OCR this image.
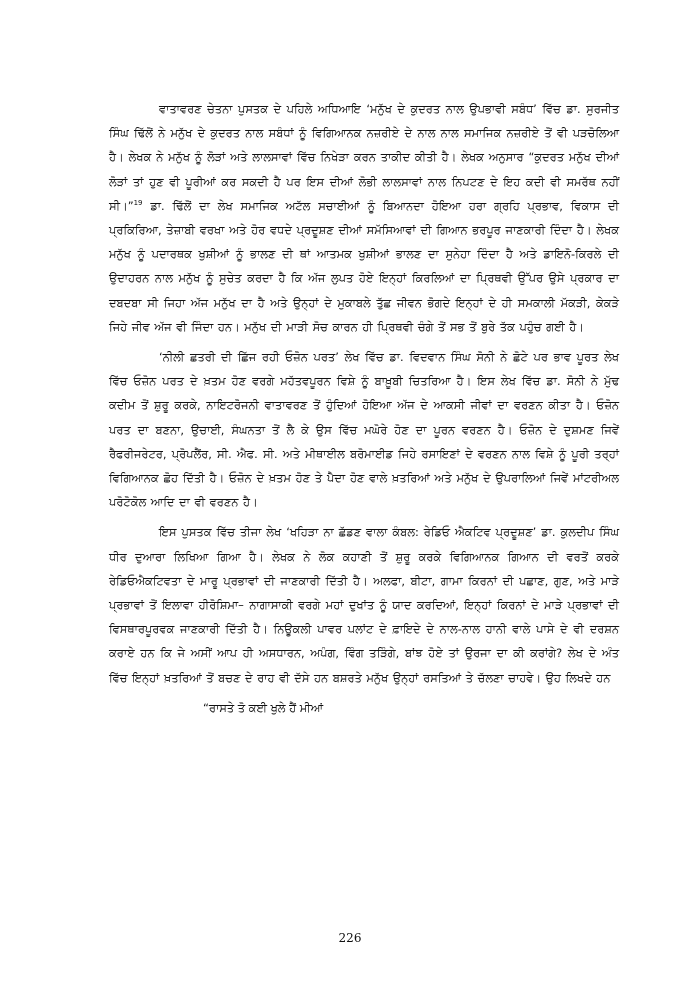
ਵਾਤਾਵਰਣ ਚੇਤਨਾ ਪੁਸਤਕ ਦੇ ਪਹਿਲੇ ਅਧਿਆਇ ‘ਮਨੁੱਖ ਦੇ ਕੁਦਰਤ ਨਾਲ ਉਪਭਾਵੀ ਸਬੰਧ’ ਵਿੱਚ ਡਾ. ਸੁਰਜੀਤ ਸਿੰਘ ਢਿੱਲੋਂ ਨੇ ਮਨੁੱਖ ਦੇ ਕੁਦਰਤ ਨਾਲ ਸਬੰਧਾਂ ਨੂੰ ਵਿਗਿਆਨਕ ਨਜ਼ਰੀਏ ਦੇ ਨਾਲ ਨਾਲ ਸਮਾਜਿਕ ਨਜ਼ਰੀਏ ਤੋਂ ਵੀ ਪੜਚੋਲਿਆ ਹੈ। ਲੇਖਕ ਨੇ ਮਨੁੱਖ ਨੂੰ ਲੋੜਾਂ ਅਤੇ ਲਾਲਸਾਵਾਂ ਵਿੱਚ ਨਿਖੇੜਾ ਕਰਨ ਤਾਕੀਦ ਕੀਤੀ ਹੈ। ਲੇਖਕ ਅਨੁਸਾਰ “ਕੁਦਰਤ ਮਨੁੱਖ ਦੀਆਂ ਲੋੜਾਂ ਤਾਂ ਹੁਣ ਵੀ ਪੂਰੀਆਂ ਕਰ ਸਕਦੀ ਹੈ ਪਰ ਇਸ ਦੀਆਂ ਲੋਭੀ ਲਾਲਸਾਵਾਂ ਨਾਲ ਨਿਪਟਣ ਦੇ ਇਹ ਕਦੀ ਵੀ ਸਮਰੱਥ ਨਹੀਂ ਸੀ।”$^{19}$ ਡਾ. ਢਿੱਲੋਂ ਦਾ ਲੇਖ ਸਮਾਜਿਕ ਅਟੱਲ ਸਚਾਈਆਂ ਨੂੰ ਬਿਆਨਦਾ ਹੋਇਆ ਹਰਾ ਗ੍ਰਹਿ ਪ੍ਰਭਾਵ, ਵਿਕਾਸ ਦੀ ਪ੍ਰਕਿਰਿਆ, ਤੇਜ਼ਾਬੀ ਵਰਖਾ ਅਤੇ ਹੋਰ ਵਧਦੇ ਪ੍ਰਦੂਸ਼ਣ ਦੀਆਂ ਸਮੱਸਿਆਵਾਂ ਦੀ ਗਿਆਨ ਭਰਪੂਰ ਜਾਣਕਾਰੀ ਦਿੰਦਾ ਹੈ। ਲੇਖਕ ਮਨੁੱਖ ਨੂੰ ਪਦਾਰਥਕ ਖੁਸ਼ੀਆਂ ਨੂੰ ਭਾਲਣ ਦੀ ਥਾਂ ਆਤਮਕ ਖੁਸ਼ੀਆਂ ਭਾਲਣ ਦਾ ਸੁਨੇਹਾ ਦਿੰਦਾ ਹੈ ਅਤੇ ਡਾਇਨੋ-ਕਿਰਲੇ ਦੀ ਉਦਾਹਰਨ ਨਾਲ ਮਨੁੱਖ ਨੂੰ ਸੁਚੇਤ ਕਰਦਾ ਹੈ ਕਿ ਅੱਜ ਲੁਪਤ ਹੋਏ ਇਨ੍ਹਾਂ ਕਿਰਲਿਆਂ ਦਾ ਪ੍ਰਿਥਵੀ ਉੱਪਰ ਉਸੇ ਪ੍ਰਕਾਰ ਦਾ ਦਬਦਬਾ ਸੀ ਜਿਹਾ ਅੱਜ ਮਨੁੱਖ ਦਾ ਹੈ ਅਤੇ ਉਨ੍ਹਾਂ ਦੇ ਮੁਕਾਬਲੇ ਤੁੱਛ ਜੀਵਨ ਭੋਗਦੇ ਇਨ੍ਹਾਂ ਦੇ ਹੀ ਸਮਕਾਲੀ ਮੱਕੜੀ, ਕੇਕੜੇ ਜਿਹੇ ਜੀਵ ਅੱਜ ਵੀ ਜਿੰਦਾ ਹਨ। ਮਨੁੱਖ ਦੀ ਮਾੜੀ ਸੋਚ ਕਾਰਨ ਹੀ ਪ੍ਰਿਥਵੀ ਚੰਗੇ ਤੋਂ ਸਭ ਤੋਂ ਬੁਰੇ ਤੱਕ ਪਹੁੰਚ ਗਈ ਹੈ।

‘ਨੀਲੀ ਛਤਰੀ ਦੀ ਛਿੱਜ ਰਹੀ ਓਜ਼ੋਨ ਪਰਤ’ ਲੇਖ ਵਿੱਚ ਡਾ. ਵਿਦਵਾਨ ਸਿੰਘ ਸੋਨੀ ਨੇ ਛੋਟੇ ਪਰ ਭਾਵ ਪੂਰਤ ਲੇਖ ਵਿੱਚ ਓਜ਼ੋਨ ਪਰਤ ਦੇ ਖ਼ਤਮ ਹੋਣ ਵਰਗੇ ਮਹੱਤਵਪੂਰਨ ਵਿਸ਼ੇ ਨੂੰ ਬਾਖ਼ੂਬੀ ਚਿਤਰਿਆ ਹੈ। ਇਸ ਲੇਖ ਵਿੱਚ ਡਾ. ਸੋਨੀ ਨੇ ਮੁੱਢ ਕਦੀਮ ਤੋਂ ਸ਼ੁਰੂ ਕਰਕੇ, ਨਾਇਟਰੋਜਨੀ ਵਾਤਾਵਰਣ ਤੋਂ ਹੁੰਦਿਆਂ ਹੋਇਆ ਅੱਜ ਦੇ ਆਕਸੀ ਜੀਵਾਂ ਦਾ ਵਰਣਨ ਕੀਤਾ ਹੈ। ਓਜ਼ੋਨ ਪਰਤ ਦਾ ਬਣਨਾ, ਉਚਾਈ, ਸੰਘਨਤਾ ਤੋਂ ਲੈ ਕੇ ਉਸ ਵਿੱਚ ਮਘੋਰੇ ਹੋਣ ਦਾ ਪੂਰਨ ਵਰਣਨ ਹੈ। ਓਜ਼ੋਨ ਦੇ ਦੁਸ਼ਮਣ ਜਿਵੇਂ ਰੈਫਰੀਜਰੇਟਰ, ਪ੍ਰੋਪਲੈਂਰ, ਸੀ. ਐਫ. ਸੀ. ਅਤੇ ਮੀਥਾਈਲ ਬਰੋਮਾਈਡ ਜਿਹੇ ਰਸਾਇਣਾਂ ਦੇ ਵਰਣਨ ਨਾਲ ਵਿਸ਼ੇ ਨੂੰ ਪੂਰੀ ਤਰ੍ਹਾਂ ਵਿਗਿਆਨਕ ਛੋਹ ਦਿੱਤੀ ਹੈ। ਓਜ਼ੋਨ ਦੇ ਖ਼ਤਮ ਹੋਣ ਤੇ ਪੈਦਾ ਹੋਣ ਵਾਲੇ ਖ਼ਤਰਿਆਂ ਅਤੇ ਮਨੁੱਖ ਦੇ ਉਪਰਾਲਿਆਂ ਜਿਵੇਂ ਮਾਂਟਰੀਅਲ ਪਰੋਟੋਕੋਲ ਆਦਿ ਦਾ ਵੀ ਵਰਣਨ ਹੈ।

ਇਸ ਪੁਸਤਕ ਵਿੱਚ ਤੀਜਾ ਲੇਖ ‘ਖਹਿੜਾ ਨਾ ਛੱਡਣ ਵਾਲਾ ਕੰਬਲ: ਰੇਡਿਓ ਐਕਟਿਵ ਪ੍ਰਦੂਸ਼ਣ’ ਡਾ. ਕੁਲਦੀਪ ਸਿੰਘ ਧੀਰ ਦੁਆਰਾ ਲਿਖਿਆ ਗਿਆ ਹੈ। ਲੇਖਕ ਨੇ ਲੋਕ ਕਹਾਣੀ ਤੋਂ ਸ਼ੁਰੂ ਕਰਕੇ ਵਿਗਿਆਨਕ ਗਿਆਨ ਦੀ ਵਰਤੋਂ ਕਰਕੇ ਰੇਡਿਓਐਕਟਿਵਤਾ ਦੇ ਮਾਰੂ ਪ੍ਰਭਾਵਾਂ ਦੀ ਜਾਣਕਾਰੀ ਦਿੱਤੀ ਹੈ। ਅਲਫਾ, ਬੀਟਾ, ਗਾਮਾ ਕਿਰਨਾਂ ਦੀ ਪਛਾਣ, ਗੁਣ, ਅਤੇ ਮਾੜੇ ਪ੍ਰਭਾਵਾਂ ਤੋਂ ਇਲਾਵਾ ਹੀਰੋਸ਼ਿਮਾ– ਨਾਗਾਸਾਕੀ ਵਰਗੇ ਮਹਾਂ ਦੁਖਾਂਤ ਨੂੰ ਯਾਦ ਕਰਦਿਆਂ, ਇਨ੍ਹਾਂ ਕਿਰਨਾਂ ਦੇ ਮਾੜੇ ਪ੍ਰਭਾਵਾਂ ਦੀ ਵਿਸਥਾਰਪੂਰਵਕ ਜਾਣਕਾਰੀ ਦਿੱਤੀ ਹੈ। ਨਿਊਕਲੀ ਪਾਵਰ ਪਲਾਂਟ ਦੇ ਫ਼ਾਇਦੇ ਦੇ ਨਾਲ-ਨਾਲ ਹਾਨੀ ਵਾਲੇ ਪਾਸੇ ਦੇ ਵੀ ਦਰਸ਼ਨ ਕਰਾਏ ਹਨ ਕਿ ਜੇ ਅਸੀਂ ਆਪ ਹੀ ਅਸਧਾਰਨ, ਅਪੰਗ, ਵਿੰਗ ਤੜਿੰਗੇ, ਬਾਂਝ ਹੋਏ ਤਾਂ ਉਰਜਾ ਦਾ ਕੀ ਕਰਾਂਗੇ? ਲੇਖ ਦੇ ਅੰਤ ਵਿੱਚ ਇਨ੍ਹਾਂ ਖ਼ਤਰਿਆਂ ਤੋਂ ਬਚਣ ਦੇ ਰਾਹ ਵੀ ਦੱਸੇ ਹਨ ਬਸ਼ਰਤੇ ਮਨੁੱਖ ਉਨ੍ਹਾਂ ਰਸਤਿਆਂ ਤੇ ਚੱਲਣਾ ਚਾਹਵੇ। ਉਹ ਲਿਖਦੇ ਹਨ

“ਰਾਸਤੇ ਤੋ ਕਈ ਖੁਲੇ ਹੈਂ ਮੀਆਂ

226
